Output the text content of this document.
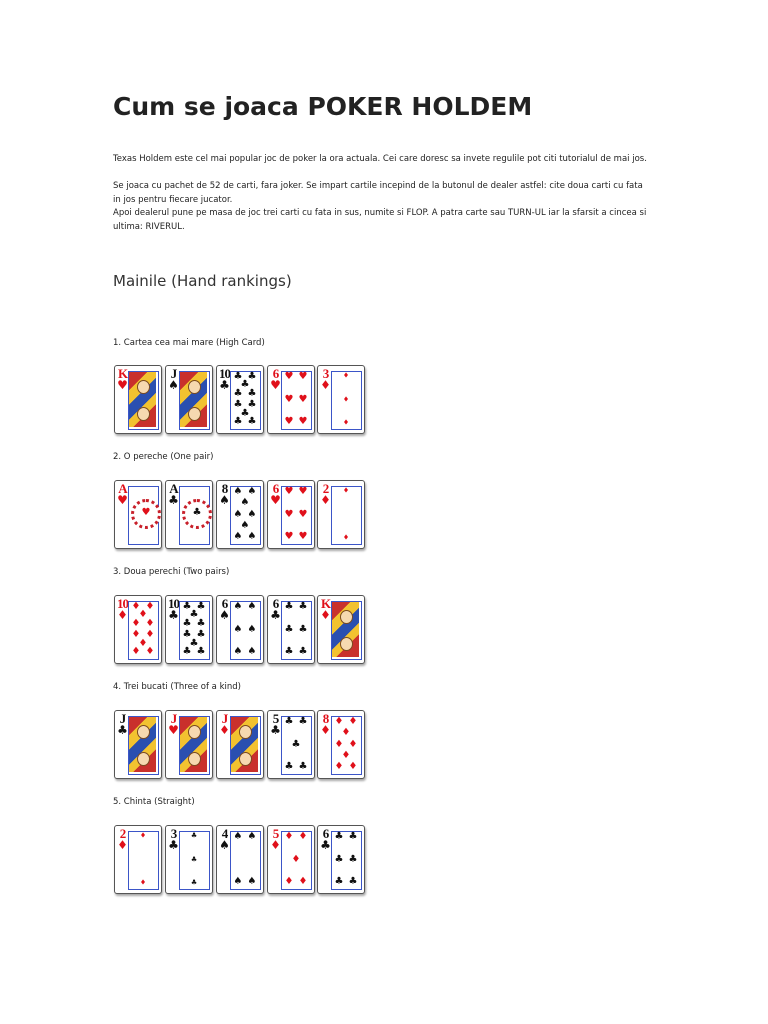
Cum se joaca POKER HOLDEM

Texas Holdem este cel mai popular joc de poker la ora actuala. Cei care doresc sa invete regulile pot citi tutorialul de mai jos.

Se joaca cu pachet de 52 de carti, fara joker. Se impart cartile incepind de la butonul de dealer astfel: cite doua carti cu fata in jos pentru fiecare jucator.
Apoi dealerul pune pe masa de joc trei carti cu fata in sus, numite si FLOP. A patra carte sau TURN-UL iar la sfarsit a cincea si ultima: RIVERUL.
Mainile (Hand rankings)

1. Cartea cea mai mare (High Card)

K
♥
J
♠
10
♣
♣ ♣
♣
♣ ♣
♣ ♣
♣
♣ ♣
6
♥
♥ ♥
♥ ♥
♥ ♥
3
♦
♦
♦
♦

2. O pereche (One pair)

A
♥
♥
A
♣
♣
8
♠
♠ ♠
♠
♠ ♠
♠
♠ ♠
6
♥
♥ ♥
♥ ♥
♥ ♥
2
♦
♦
♦

3. Doua perechi (Two pairs)

10
♦
♦ ♦
♦
♦ ♦
♦ ♦
♦
♦ ♦
10
♣
♣ ♣
♣
♣ ♣
♣ ♣
♣
♣ ♣
6
♠
♠ ♠
♠ ♠
♠ ♠
6
♣
♣ ♣
♣ ♣
♣ ♣
K
♦

4. Trei bucati (Three of a kind)

J
♣
J
♥
J
♦
5
♣
♣ ♣
♣
♣ ♣
8
♦
♦ ♦
♦
♦ ♦
♦
♦ ♦

5. Chinta (Straight)

2
♦
♦
♦
3
♣
♣
♣
♣
4
♠
♠ ♠
♠ ♠
5
♦
♦ ♦
♦
♦ ♦
6
♣
♣ ♣
♣ ♣
♣ ♣
